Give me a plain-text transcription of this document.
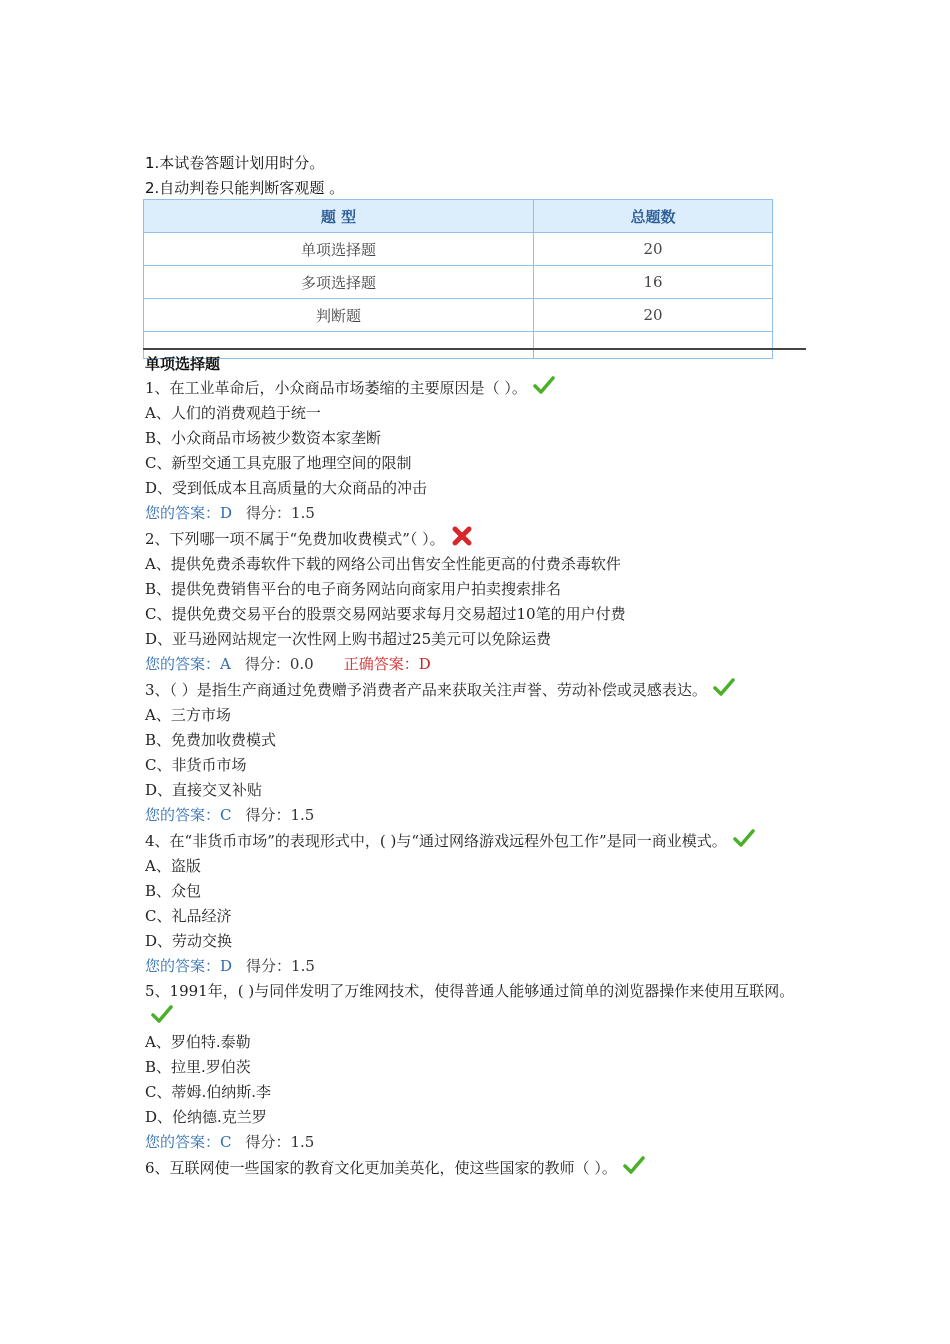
1.本试卷答题计划用时分。
2.自动判卷只能判断客观题 。
题 型	总题数
单项选择题	20
多项选择题	16
判断题	20

单项选择题

1、在工业革命后，小众商品市场萎缩的主要原因是（ ）。

A、人们的消费观趋于统一

B、小众商品市场被少数资本家垄断

C、新型交通工具克服了地理空间的限制

D、受到低成本且高质量的大众商品的冲击

您的答案：D 得分：1.5

2、下列哪一项不属于“免费加收费模式”（ ）。

A、提供免费杀毒软件下载的网络公司出售安全性能更高的付费杀毒软件

B、提供免费销售平台的电子商务网站向商家用户拍卖搜索排名

C、提供免费交易平台的股票交易网站要求每月交易超过10笔的用户付费

D、亚马逊网站规定一次性网上购书超过25美元可以免除运费

您的答案：A 得分：0.0 正确答案：D

3、（ ）是指生产商通过免费赠予消费者产品来获取关注声誉、劳动补偿或灵感表达。

A、三方市场

B、免费加收费模式

C、非货币市场

D、直接交叉补贴

您的答案：C 得分：1.5

4、在“非货币市场”的表现形式中，( )与“通过网络游戏远程外包工作”是同一商业模式。

A、盗版

B、众包

C、礼品经济

D、劳动交换

您的答案：D 得分：1.5

5、1991年，( )与同伴发明了万维网技术，使得普通人能够通过简单的浏览器操作来使用互联网。

A、罗伯特.泰勒

B、拉里.罗伯茨

C、蒂姆.伯纳斯.李

D、伦纳德.克兰罗

您的答案：C 得分：1.5

6、互联网使一些国家的教育文化更加美英化，使这些国家的教师（ ）。
